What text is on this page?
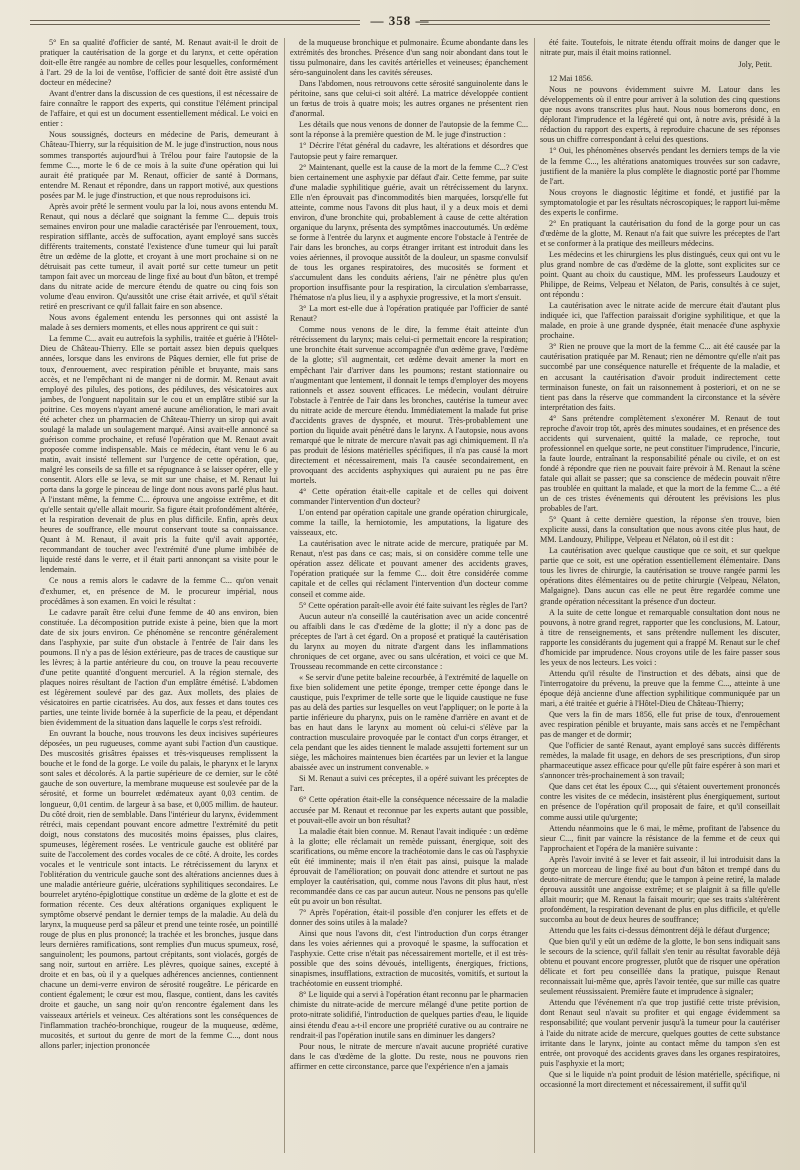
— 358 —

5° En sa qualité d'officier de santé, M. Renaut avait-il le droit de pratiquer la cautérisation de la gorge et du larynx, et cette opération doit-elle être rangée au nombre de celles pour lesquelles, conformément à l'art. 29 de la loi de ventôse, l'officier de santé doit être assisté d'un docteur en médecine?

Avant d'entrer dans la discussion de ces questions, il est nécessaire de faire connaître le rapport des experts, qui constitue l'élément principal de l'affaire, et qui est un document essentiellement médical. Le voici en entier :

Nous soussignés, docteurs en médecine de Paris, demeurant à Château-Thierry, sur la réquisition de M. le juge d'instruction, nous nous sommes transportés aujourd'hui à Trélou pour faire l'autopsie de la femme C..., morte le 6 de ce mois à la suite d'une opération qui lui aurait été pratiquée par M. Renaut, officier de santé à Dormans, entendre M. Renaut et répondre, dans un rapport motivé, aux questions posées par M. le juge d'instruction, et que nous reproduisons ici.

Après avoir prêté le serment voulu par la loi, nous avons entendu M. Renaut, qui nous a déclaré que soignant la femme C... depuis trois semaines environ pour une maladie caractérisée par l'enrouement, toux, respiration sifflante, accès de suffocation, ayant employé sans succès différents traitements, constaté l'existence d'une tumeur qui lui paraît être un œdème de la glotte, et croyant à une mort prochaine si on ne détruisait pas cette tumeur, il avait porté sur cette tumeur un petit tampon fait avec un morceau de linge fixé au bout d'un bâton, et trempé dans du nitrate acide de mercure étendu de quatre ou cinq fois son volume d'eau environ. Qu'aussitôt une crise était arrivée, et qu'il s'était retiré en prescrivant ce qu'il fallait faire en son absence.

Nous avons également entendu les personnes qui ont assisté la malade à ses derniers moments, et elles nous apprirent ce qui suit :

La femme C... avait eu autrefois la syphilis, traitée et guérie à l'Hôtel-Dieu de Château-Thierry. Elle se portait assez bien depuis quelques années, lorsque dans les environs de Pâques dernier, elle fut prise de toux, d'enrouement, avec respiration pénible et bruyante, mais sans accès, et ne l'empêchant ni de manger ni de dormir. M. Renaut avait employé des pilules, des potions, des pédiluves, des vésicatoires aux jambes, de l'onguent napolitain sur le cou et un emplâtre stibié sur la poitrine. Ces moyens n'ayant amené aucune amélioration, le mari avait été acheter chez un pharmacien de Château-Thierry un sirop qui avait soulagé la malade un soulagement marqué. Ainsi avait-elle annoncé sa guérison comme prochaine, et refusé l'opération que M. Renaut avait proposée comme indispensable. Mais ce médecin, étant venu le 6 au matin, avait insisté tellement sur l'urgence de cette opération, que, malgré les conseils de sa fille et sa répugnance à se laisser opérer, elle y consentit. Alors elle se leva, se mit sur une chaise, et M. Renaut lui porta dans la gorge le pinceau de linge dont nous avons parlé plus haut. A l'instant même, la femme C... éprouva une angoisse extrême, et dit qu'elle sentait qu'elle allait mourir. Sa figure était profondément altérée, et la respiration devenait de plus en plus difficile. Enfin, après deux heures de souffrance, elle mourut conservant toute sa connaissance. Quant à M. Renaut, il avait pris la fuite qu'il avait apportée, recommandant de toucher avec l'extrémité d'une plume imbibée de liquide resté dans le verre, et il était parti annonçant sa visite pour le lendemain.

Ce nous a remis alors le cadavre de la femme C... qu'on venait d'exhumer, et, en présence de M. le procureur impérial, nous procédâmes à son examen. En voici le résultat :

Le cadavre paraît être celui d'une femme de 40 ans environ, bien constituée. La décomposition putride existe à peine, bien que la mort date de six jours environ. Ce phénomène se rencontre généralement dans l'asphyxie, par suite d'un obstacle à l'entrée de l'air dans les poumons. Il n'y a pas de lésion extérieure, pas de traces de caustique sur les lèvres; à la partie antérieure du cou, on trouve la peau recouverte d'une petite quantité d'onguent mercuriel. A la région sternale, des plaques noires résultant de l'action d'un emplâtre émétisé. L'abdomen est légèrement soulevé par des gaz. Aux mollets, des plaies de vésicatoires en partie cicatrisées. Au dos, aux fesses et dans toutes ces parties, une teinte livide bornée à la superficie de la peau, et dépendant bien évidemment de la situation dans laquelle le corps s'est refroidi.

En ouvrant la bouche, nous trouvons les deux incisives supérieures déposées, un peu rugueuses, comme ayant subi l'action d'un caustique. Des muscosités grisâtres épaisses et très-visqueuses remplissent la bouche et le fond de la gorge. Le voile du palais, le pharynx et le larynx sont sales et décolorés. A la partie supérieure de ce dernier, sur le côté gauche de son ouverture, la membrane muqueuse est soulevée par de la sérosité, et forme un bourrelet œdémateux ayant 0,03 centim. de longueur, 0,01 centim. de largeur à sa base, et 0,005 millim. de hauteur. Du côté droit, rien de semblable. Dans l'intérieur du larynx, évidemment rétréci, mais cependant pouvant encore admettre l'extrémité du petit doigt, nous constatons des mucosités moins épaisses, plus claires, spumeuses, légèrement rosées. Le ventricule gauche est oblitéré par suite de l'accolement des cordes vocales de ce côté. A droite, les cordes vocales et le ventricule sont intacts. Le rétrécissement du larynx et l'oblitération du ventricule gauche sont des altérations anciennes dues à une maladie antérieure guérie, ulcérations syphilitiques secondaires. Le bourrelet aryténo-épiglottique constitue un œdème de la glotte et est de formation récente. Ces deux altérations organiques expliquent le symptôme observé pendant le dernier temps de la maladie. Au delà du larynx, la muqueuse perd sa pâleur et prend une teinte rosée, un pointillé rouge de plus en plus prononcé; la trachée et les bronches, jusque dans leurs dernières ramifications, sont remplies d'un mucus spumeux, rosé, sanguinolent; les poumons, partout crépitants, sont violacés, gorgés de sang noir, surtout en arrière. Les plèvres, quoique saines, excepté à droite et en bas, où il y a quelques adhérences anciennes, contiennent chacune un demi-verre environ de sérosité rougeâtre. Le péricarde en contient également; le cœur est mou, flasque, contient, dans les cavités droite et gauche, un sang noir qu'on rencontre également dans les vaisseaux artériels et veineux. Ces altérations sont les conséquences de l'inflammation trachéo-bronchique, rougeur de la muqueuse, œdème, mucosités, et surtout du genre de mort de la femme C..., dont nous allons parler; injection prononcée

de la muqueuse bronchique et pulmonaire. Écume abondante dans les extrémités des bronches. Présence d'un sang noir abondant dans tout le tissu pulmonaire, dans les cavités artérielles et veineuses; épanchement séro-sanguinolent dans les cavités séreuses.

Dans l'abdomen, nous retrouvons cette sérosité sanguinolente dans le péritoine, sans que celui-ci soit altéré. La matrice développée contient un fœtus de trois à quatre mois; les autres organes ne présentent rien d'anormal.

Les détails que nous venons de donner de l'autopsie de la femme C... sont la réponse à la première question de M. le juge d'instruction :

1° Décrire l'état général du cadavre, les altérations et désordres que l'autopsie peut y faire remarquer.

2° Maintenant, quelle est la cause de la mort de la femme C...? C'est bien certainement une asphyxie par défaut d'air. Cette femme, par suite d'une maladie syphilitique guérie, avait un rétrécissement du larynx. Elle n'en éprouvait pas d'incommodités bien marquées, lorsqu'elle fut atteinte, comme nous l'avons dit plus haut, il y a deux mois et demi environ, d'une bronchite qui, probablement à cause de cette altération organique du larynx, présenta des symptômes inaccoutumés. Un œdème se forme à l'entrée du larynx et augmente encore l'obstacle à l'entrée de l'air dans les bronches, au corps étranger irritant est introduit dans les voies aériennes, il provoque aussitôt de la douleur, un spasme convulsif de tous les organes respiratoires, des mucosités se forment et s'accumulent dans les conduits aériens, l'air ne pénètre plus qu'en proportion insuffisante pour la respiration, la circulation s'embarrasse, l'hématose n'a plus lieu, il y a asphyxie progressive, et la mort s'ensuit.

3° La mort est-elle due à l'opération pratiquée par l'officier de santé Renaut?

Comme nous venons de le dire, la femme était atteinte d'un rétrécissement du larynx; mais celui-ci permettait encore la respiration; une bronchite était survenue accompagnée d'un œdème grave, l'œdème de la glotte; s'il augmentait, cet œdème devait amener la mort en empêchant l'air d'arriver dans les poumons; restant stationnaire ou n'augmentant que lentement, il donnait le temps d'employer des moyens rationnels et assez souvent efficaces. Le médecin, voulant détruire l'obstacle à l'entrée de l'air dans les bronches, cautérise la tumeur avec du nitrate acide de mercure étendu. Immédiatement la malade fut prise d'accidents graves de dyspnée, et mourut. Très-probablement une portion du liquide avait pénétré dans le larynx. A l'autopsie, nous avons remarqué que le nitrate de mercure n'avait pas agi chimiquement. Il n'a pas produit de lésions matérielles spécifiques, il n'a pas causé la mort directement et nécessairement, mais l'a causée secondairement, en provoquant des accidents asphyxiques qui auraient pu ne pas être mortels.

4° Cette opération était-elle capitale et de celles qui doivent commander l'intervention d'un docteur?

L'on entend par opération capitale une grande opération chirurgicale, comme la taille, la herniotomie, les amputations, la ligature des vaisseaux, etc.

La cautérisation avec le nitrate acide de mercure, pratiquée par M. Renaut, n'est pas dans ce cas; mais, si on considère comme telle une opération assez délicate et pouvant amener des accidents graves, l'opération pratiquée sur la femme C... doit être considérée comme capitale et de celles qui réclament l'intervention d'un docteur comme conseil et comme aide.

5° Cette opération paraît-elle avoir été faite suivant les règles de l'art?

Aucun auteur n'a conseillé la cautérisation avec un acide concentré ou affaibli dans le cas d'œdème de la glotte; il n'y a donc pas de préceptes de l'art à cet égard. On a proposé et pratiqué la cautérisation du larynx au moyen du nitrate d'argent dans les inflammations chroniques de cet organe, avec ou sans ulcération, et voici ce que M. Trousseau recommande en cette circonstance :

« Se servir d'une petite baleine recourbée, à l'extrémité de laquelle on fixe bien solidement une petite éponge, tremper cette éponge dans le caustique, puis l'exprimer de telle sorte que le liquide caustique ne fuse pas au delà des parties sur lesquelles on veut l'appliquer; on le porte à la partie inférieure du pharynx, puis on le ramène d'arrière en avant et de bas en haut dans le larynx au moment où celui-ci s'élève par la contraction musculaire provoquée par le contact d'un corps étranger, et cela pendant que les aides tiennent le malade assujetti fortement sur un siège, les mâchoires maintenues bien écartées par un levier et la langue abaissée avec un instrument convenable. »

Si M. Renaut a suivi ces préceptes, il a opéré suivant les préceptes de l'art.

6° Cette opération était-elle la conséquence nécessaire de la maladie accusée par M. Renaut et reconnue par les experts autant que possible, et pouvait-elle avoir un bon résultat?

La maladie était bien connue. M. Renaut l'avait indiquée : un œdème à la glotte; elle réclamait un remède puissant, énergique, soit des scarifications, ou même encore la trachéotomie dans le cas où l'asphyxie eût été imminente; mais il n'en était pas ainsi, puisque la malade éprouvait de l'amélioration; on pouvait donc attendre et surtout ne pas employer la cautérisation, qui, comme nous l'avons dit plus haut, n'est recommandée dans ce cas par aucun auteur. Nous ne pensons pas qu'elle eût pu avoir un bon résultat.

7° Après l'opération, était-il possible d'en conjurer les effets et de donner des soins utiles à la malade?

Ainsi que nous l'avons dit, c'est l'introduction d'un corps étranger dans les voies aériennes qui a provoqué le spasme, la suffocation et l'asphyxie. Cette crise n'était pas nécessairement mortelle, et il est très-possible que des soins dévoués, intelligents, énergiques, frictions, sinapismes, insufflations, extraction de mucosités, vomitifs, et surtout la trachéotomie en eussent triomphé.

8° Le liquide qui a servi à l'opération étant reconnu par le pharmacien chimiste du nitrate-acide de mercure mélangé d'une petite portion de proto-nitrate solidifié, l'introduction de quelques parties d'eau, le liquide ainsi étendu d'eau a-t-il encore une propriété curative ou au contraire ne rendrait-il pas l'opération inutile sans en diminuer les dangers?

Pour nous, le nitrate de mercure n'avait aucune propriété curative dans le cas d'œdème de la glotte. Du reste, nous ne pouvons rien affirmer en cette circonstance, parce que l'expérience n'en a jamais

été faite. Toutefois, le nitrate étendu offrait moins de danger que le nitrate pur, mais il était moins rationnel.

Joly, Petit.

12 Mai 1856.

Nous ne pouvons évidemment suivre M. Latour dans les développements où il entre pour arriver à la solution des cinq questions que nous avons transcrites plus haut. Nous nous bornerons donc, en déplorant l'imprudence et la légèreté qui ont, à notre avis, présidé à la rédaction du rapport des experts, à reproduire chacune de ses réponses sous un chiffre correspondant à celui des questions.

1° Oui, les phénomènes observés pendant les derniers temps de la vie de la femme C..., les altérations anatomiques trouvées sur son cadavre, justifient de la manière la plus complète le diagnostic porté par l'homme de l'art.

Nous croyons le diagnostic légitime et fondé, et justifié par la symptomatologie et par les résultats nécroscopiques; le rapport lui-même des experts le confirme.

2° En pratiquant la cautérisation du fond de la gorge pour un cas d'œdème de la glotte, M. Renaut n'a fait que suivre les préceptes de l'art et se conformer à la pratique des meilleurs médecins.

Les médecins et les chirurgiens les plus distingués, ceux qui ont vu le plus grand nombre de cas d'œdème de la glotte, sont explicites sur ce point. Quant au choix du caustique, MM. les professeurs Laudouzy et Philippe, de Reims, Velpeau et Nélaton, de Paris, consultés à ce sujet, ont répondu :

La cautérisation avec le nitrate acide de mercure était d'autant plus indiquée ici, que l'affection paraissait d'origine syphilitique, et que la malade, en proie à une grande dyspnée, était menacée d'une asphyxie prochaine.

3° Rien ne prouve que la mort de la femme C... ait été causée par la cautérisation pratiquée par M. Renaut; rien ne démontre qu'elle n'ait pas succombé par une conséquence naturelle et fréquente de la maladie, et en accusant la cautérisation d'avoir produit indirectement cette terminaison funeste, on fait un raisonnement à posteriori, et on ne se tient pas dans la réserve que commandent la circonstance et la sévère interprétation des faits.

4° Sans prétendre complètement s'exonérer M. Renaut de tout reproche d'avoir trop tôt, après des minutes soudaines, et en présence des accidents qui survenaient, quitté la malade, ce reproche, tout professionnel en quelque sorte, ne peut constituer l'imprudence, l'incurie, la faute lourde, entraînant la responsabilité pénale ou civile, et on est fondé à répondre que rien ne pouvait faire prévoir à M. Renaut la scène fatale qui allait se passer; que sa conscience de médecin pouvait n'être pas troublée en quittant la malade, et que la mort de la femme C... a été un de ces tristes événements qui déroutent les prévisions les plus probables de l'art.

5° Quant à cette dernière question, la réponse s'en trouve, bien explicite aussi, dans la consultation que nous avons citée plus haut, de MM. Landouzy, Philippe, Velpeau et Nélaton, où il est dit :

La cautérisation avec quelque caustique que ce soit, et sur quelque partie que ce soit, est une opération essentiellement élémentaire. Dans tous les livres de chirurgie, la cautérisation se trouve rangée parmi les opérations dites élémentaires ou de petite chirurgie (Velpeau, Nélaton, Malgaigne). Dans aucun cas elle ne peut être regardée comme une grande opération nécessitant la présence d'un docteur.

A la suite de cette longue et remarquable consultation dont nous ne pouvons, à notre grand regret, rapporter que les conclusions, M. Latour, à titre de renseignements, et sans prétendre nullement les discuter, rapporte les considérants du jugement qui a frappé M. Renaut sur le chef d'homicide par imprudence. Nous croyons utile de les faire passer sous les yeux de nos lecteurs. Les voici :

Attendu qu'il résulte de l'instruction et des débats, ainsi que de l'interrogatoire du prévenu, la preuve que la femme C..., atteinte à une époque déjà ancienne d'une affection syphilitique communiquée par un mari, a été traitée et guérie à l'Hôtel-Dieu de Château-Thierry;

Que vers la fin de mars 1856, elle fut prise de toux, d'enrouement avec respiration pénible et bruyante, mais sans accès et ne l'empêchant pas de manger et de dormir;

Que l'officier de santé Renaut, ayant employé sans succès différents remèdes, la malade fit usage, en dehors de ses prescriptions, d'un sirop pharmaceutique assez efficace pour qu'elle pût faire espérer à son mari et s'annoncer très-prochainement à son travail;

Que dans cet état les époux C..., qui s'étaient ouvertement prononcés contre les visites de ce médecin, insistèrent plus énergiquement, surtout en présence de l'opération qu'il proposait de faire, et qu'il conseillait comme aussi utile qu'urgente;

Attendu néanmoins que le 6 mai, le même, profitant de l'absence du sieur C..., finit par vaincre la résistance de la femme et de ceux qui l'approchaient et l'opéra de la manière suivante :

Après l'avoir invité à se lever et fait asseoir, il lui introduisit dans la gorge un morceau de linge fixé au bout d'un bâton et trempé dans du deuto-nitrate de mercure étendu; que le tampon à peine retiré, la malade éprouva aussitôt une angoisse extrême; et se plaignit à sa fille qu'elle allait mourir; que M. Renaut la faisait mourir; que ses traits s'altérèrent profondément, la respiration devenant de plus en plus difficile, et qu'elle succomba au bout de deux heures de souffrance;

Attendu que les faits ci-dessus démontrent déjà le défaut d'urgence;

Que bien qu'il y eût un œdème de la glotte, le bon sens indiquait sans le secours de la science, qu'il fallait s'en tenir au résultat favorable déjà obtenu et pouvant encore progresser, plutôt que de risquer une opération délicate et fort peu conseillée dans la pratique, puisque Renaut reconnaissait lui-même que, après l'avoir tentée, que sur mille cas quatre seulement réussissaient. Première faute et imprudence à signaler;

Attendu que l'événement n'a que trop justifié cette triste prévision, dont Renaut seul n'avait su profiter et qui engage évidemment sa responsabilité; que voulant pervenir jusqu'à la tumeur pour la cautériser à l'aide du nitrate acide de mercure, quelques gouttes de cette substance irritante dans le larynx, jointe au contact même du tampon s'en est entrée, ont provoqué des accidents graves dans les organes respiratoires, puis l'asphyxie et la mort;

Que si le liquide n'a point produit de lésion matérielle, spécifique, ni occasionné la mort directement et nécessairement, il suffit qu'il
